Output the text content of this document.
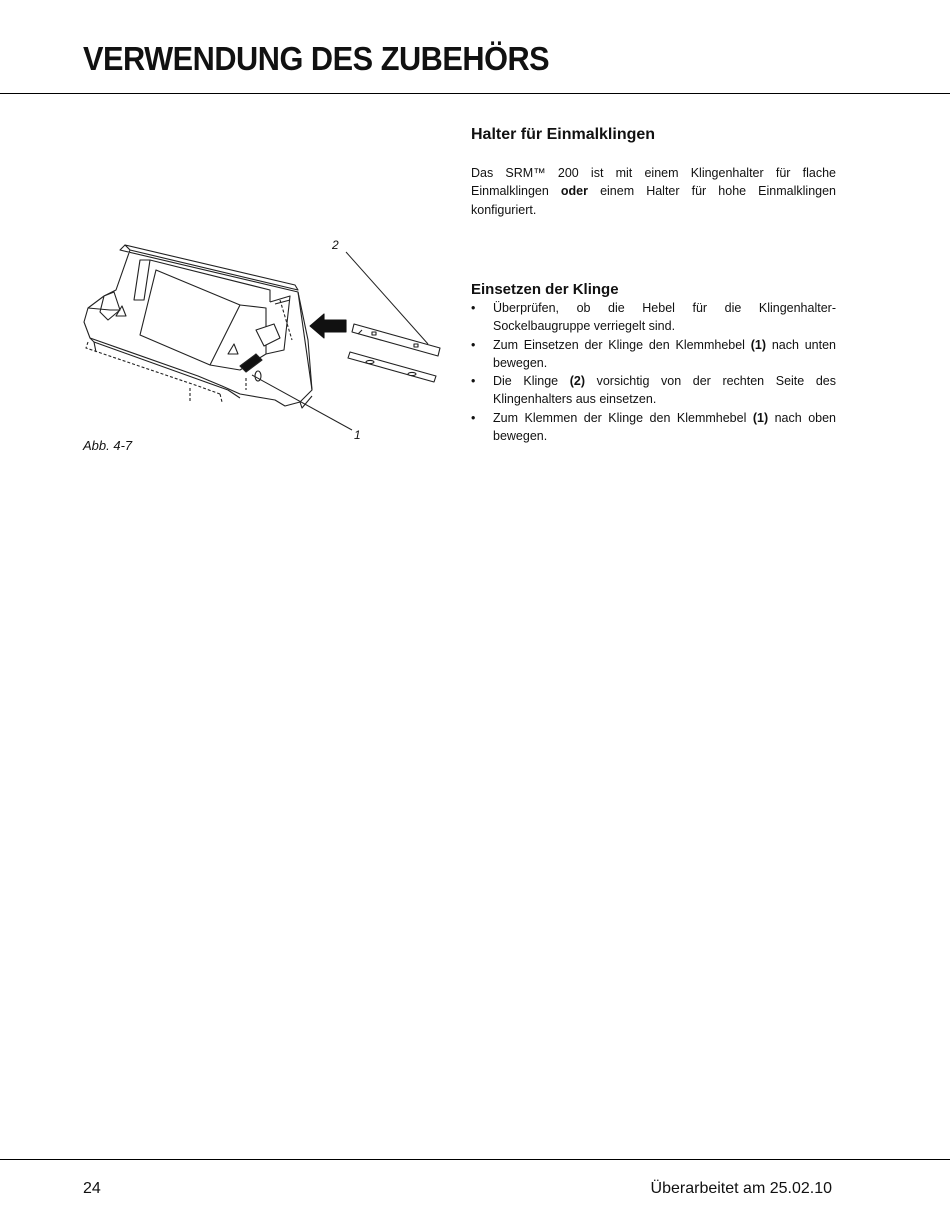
VERWENDUNG DES ZUBEHÖRS
Halter für Einmalklingen

Das SRM™ 200 ist mit einem Klingenhalter für flache Einmalklingen oder einem Halter für hohe Einmalklingen konfiguriert.

Einsetzen der Klinge
• Überprüfen, ob die Hebel für die Klingenhalter-Sockelbaugruppe verriegelt sind.
• Zum Einsetzen der Klinge den Klemmhebel (1) nach unten bewegen.
• Die Klinge (2) vorsichtig von der rechten Seite des Klingenhalters aus einsetzen.
• Zum Klemmen der Klinge den Klemmhebel (1) nach oben bewegen.
2
1

Abb. 4-7

24	Überarbeitet am 25.02.10
